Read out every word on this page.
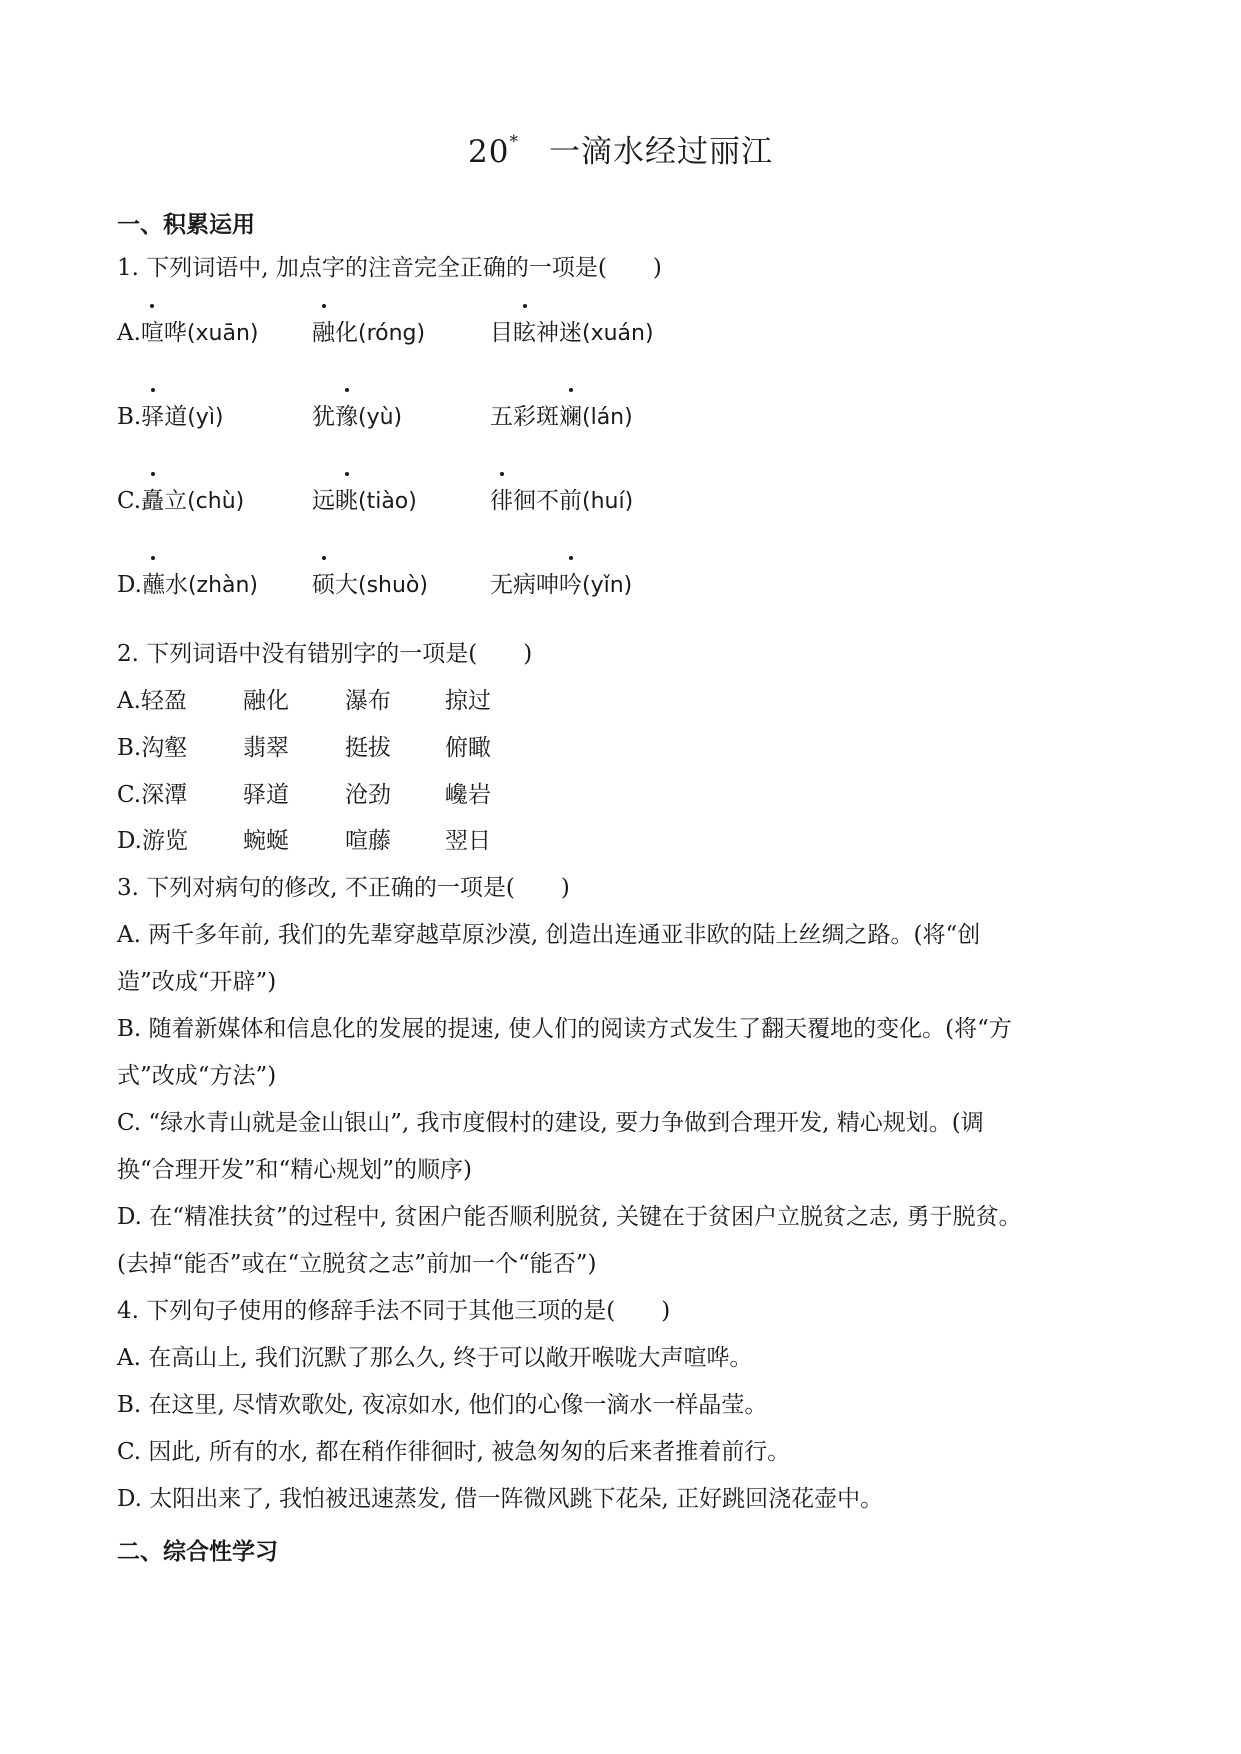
20* 一滴水经过丽江
一、积累运用
1. 下列词语中, 加点字的注音完全正确的一项是(　　)
A.喧哗(xuān) 融化(róng)	目眩神迷(xuán)
B.驿道(yì)	犹豫(yù)	五彩斑斓(lán)
C.矗立(chù)	远眺(tiào)	徘徊不前(huí)
D.蘸水(zhàn) 硕大(shuò)	无病呻吟(yǐn)
2. 下列词语中没有错别字的一项是(　　)
A.轻盈 融化 瀑布 掠过
B.沟壑 翡翠 挺拔 俯瞰
C.深潭 驿道 沧劲 巉岩
D.游览 蜿蜒 喧藤 翌日
3. 下列对病句的修改, 不正确的一项是(　　)
A. 两千多年前, 我们的先辈穿越草原沙漠, 创造出连通亚非欧的陆上丝绸之路。(将“创
造”改成“开辟”)
B. 随着新媒体和信息化的发展的提速, 使人们的阅读方式发生了翻天覆地的变化。(将“方
式”改成“方法”)
C. “绿水青山就是金山银山”, 我市度假村的建设, 要力争做到合理开发, 精心规划。(调
换“合理开发”和“精心规划”的顺序)
D. 在“精准扶贫”的过程中, 贫困户能否顺利脱贫, 关键在于贫困户立脱贫之志, 勇于脱贫。
(去掉“能否”或在“立脱贫之志”前加一个“能否”)
4. 下列句子使用的修辞手法不同于其他三项的是(　　)
A. 在高山上, 我们沉默了那么久, 终于可以敞开喉咙大声喧哗。
B. 在这里, 尽情欢歌处, 夜凉如水, 他们的心像一滴水一样晶莹。
C. 因此, 所有的水, 都在稍作徘徊时, 被急匆匆的后来者推着前行。
D. 太阳出来了, 我怕被迅速蒸发, 借一阵微风跳下花朵, 正好跳回浇花壶中。
二、综合性学习
